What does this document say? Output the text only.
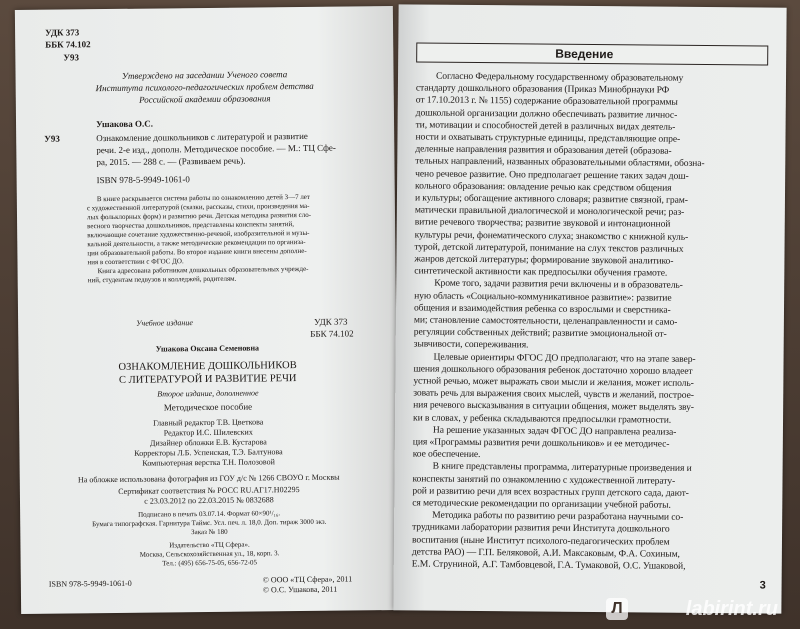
УДК 373
ББК 74.102
У93
Утверждено на заседании Ученого совета
Института психолого-педагогических проблем детства
Российской академии образования
Ушакова О.С.
У93	Ознакомление дошкольников с литературой и развитие
речи. 2-е изд., дополн. Методическое пособие. — М.: ТЦ Сфе-
ра, 2015. — 288 с. — (Развиваем речь).
ISBN 978-5-9949-1061-0
В книге раскрывается система работы по ознакомлению детей 3—7 лет
с художественной литературой (сказки, рассказы, стихи, произведения ма-
лых фольклорных форм) и развитию речи. Детская методика развития сло-
весного творчества дошкольников, представлены конспекты занятий,
включающие сочетание художественно-речевой, изобразительной и музы-
кальной деятельности, а также методические рекомендации по организа-
ции образовательной работы. Во второе издание книги внесены дополне-
ния в соответствии с ФГОС ДО.
Книга адресована работникам дошкольных образовательных учрежде-
ний, студентам педвузов и колледжей, родителям.
Учебное издание	УДК 373
ББК 74.102
Ушакова Оксана Семеновна
ОЗНАКОМЛЕНИЕ ДОШКОЛЬНИКОВ
С ЛИТЕРАТУРОЙ И РАЗВИТИЕ РЕЧИ
Второе издание, дополненное
Методическое пособие
Главный редактор Т.В. Цветкова
Редактор И.С. Шилевских
Дизайнер обложки Е.В. Кустарова
Корректоры Л.Б. Успенская, Т.Э. Балтунова
Компьютерная верстка Т.Н. Полозовой
На обложке использована фотография из ГОУ д/с № 1266 СВОУО г. Москвы
Сертификат соответствия № РОСС RU.AГ17.Н02295
с 23.03.2012 по 22.03.2015 № 0832688
Подписано в печать 03.07.14. Формат 60×90¹/₁₆.
Бумага типографская. Гарнитура Таймс. Усл. печ. л. 18,0. Доп. тираж 3000 экз.
Заказ № 180
Издательство «ТЦ Сфера».
Москва, Сельскохозяйственная ул., 18, корп. 3.
Тел.: (495) 656-75-05, 656-72-05
ISBN 978-5-9949-1061-0	© ООО «ТЦ Сфера», 2011
© О.С. Ушакова, 2011
Введение
Согласно Федеральному государственному образовательному
стандарту дошкольного образования (Приказ Минобрнауки РФ
от 17.10.2013 г. № 1155) содержание образовательной программы
дошкольной организации должно обеспечивать развитие личнос-
ти, мотивации и способностей детей в различных видах деятель-
ности и охватывать структурные единицы, представляющие опре-
деленные направления развития и образования детей (образова-
тельных направлений, названных образовательными областями, обозна-
чено речевое развитие. Оно предполагает решение таких задач дош-
кольного образования: овладение речью как средством общения
и культуры; обогащение активного словаря; развитие связной, грам-
матически правильной диалогической и монологической речи; раз-
витие речевого творчества; развитие звуковой и интонационной
культуры речи, фонематического слуха; знакомство с книжной куль-
турой, детской литературой, понимание на слух текстов различных
жанров детской литературы; формирование звуковой аналитико-
синтетической активности как предпосылки обучения грамоте.
Кроме того, задачи развития речи включены и в образователь-
ную область «Социально-коммуникативное развитие»: развитие
общения и взаимодействия ребенка со взрослыми и сверстника-
ми; становление самостоятельности, целенаправленности и само-
регуляции собственных действий; развитие эмоциональной от-
зывчивости, сопереживания.
Целевые ориентиры ФГОС ДО предполагают, что на этапе завер-
шения дошкольного образования ребенок достаточно хорошо владеет
устной речью, может выражать свои мысли и желания, может исполь-
зовать речь для выражения своих мыслей, чувств и желаний, построе-
ния речевого высказывания в ситуации общения, может выделять зву-
ки в словах, у ребенка складываются предпосылки грамотности.
На решение указанных задач ФГОС ДО направлена реализа-
ция «Программы развития речи дошкольников» и ее методичес-
кое обеспечение.
В книге представлены программа, литературные произведения и
конспекты занятий по ознакомлению с художественной литерату-
рой и развитию речи для всех возрастных групп детского сада, дают-
ся методические рекомендации по организации учебной работы.
Методика работы по развитию речи разработана научными со-
трудниками лаборатории развития речи Института дошкольного
воспитания (ныне Институт психолого-педагогических проблем
детства РАО) — Г.П. Беляковой, А.И. Максаковым, Ф.А. Сохиным,
Е.М. Струниной, А.Г. Тамбовцевой, Г.А. Тумаковой, О.С. Ушаковой,
3
Л	labirint.ru
